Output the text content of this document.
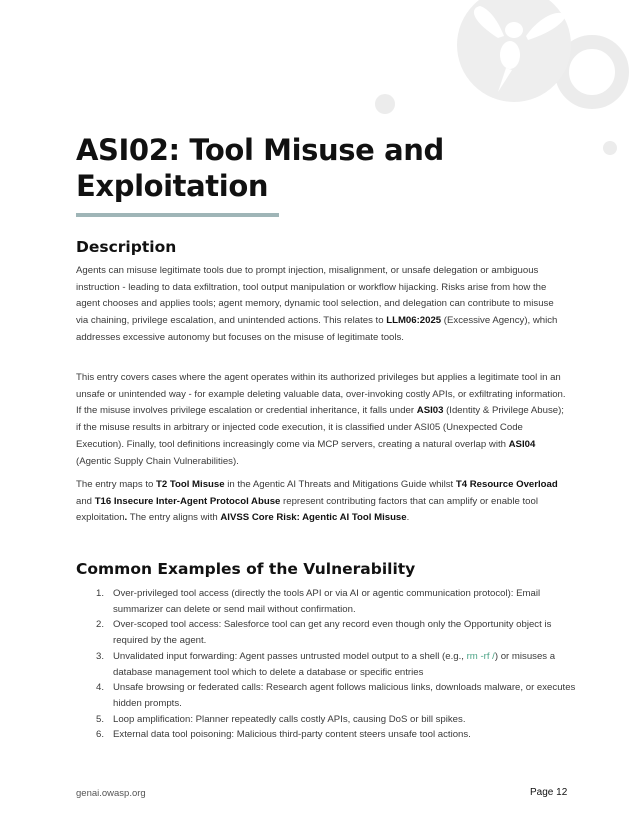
ASI02: Tool Misuse and Exploitation
Description

Agents can misuse legitimate tools due to prompt injection, misalignment, or unsafe delegation or ambiguous instruction - leading to data exfiltration, tool output manipulation or workflow hijacking. Risks arise from how the agent chooses and applies tools; agent memory, dynamic tool selection, and delegation can contribute to misuse via chaining, privilege escalation, and unintended actions. This relates to LLM06:2025 (Excessive Agency), which addresses excessive autonomy but focuses on the misuse of legitimate tools.

This entry covers cases where the agent operates within its authorized privileges but applies a legitimate tool in an unsafe or unintended way - for example deleting valuable data, over-invoking costly APIs, or exfiltrating information. If the misuse involves privilege escalation or credential inheritance, it falls under ASI03 (Identity & Privilege Abuse); if the misuse results in arbitrary or injected code execution, it is classified under ASI05 (Unexpected Code Execution). Finally, tool definitions increasingly come via MCP servers, creating a natural overlap with ASI04 (Agentic Supply Chain Vulnerabilities).

The entry maps to T2 Tool Misuse in the Agentic AI Threats and Mitigations Guide whilst T4 Resource Overload and T16 Insecure Inter-Agent Protocol Abuse represent contributing factors that can amplify or enable tool exploitation. The entry aligns with AIVSS Core Risk: Agentic AI Tool Misuse.

Common Examples of the Vulnerability
1. Over-privileged tool access (directly the tools API or via AI or agentic communication protocol): Email summarizer can delete or send mail without confirmation.
2. Over-scoped tool access: Salesforce tool can get any record even though only the Opportunity object is required by the agent.
3. Unvalidated input forwarding: Agent passes untrusted model output to a shell (e.g., rm -rf /) or misuses a database management tool which to delete a database or specific entries
4. Unsafe browsing or federated calls: Research agent follows malicious links, downloads malware, or executes hidden prompts.
5. Loop amplification: Planner repeatedly calls costly APIs, causing DoS or bill spikes.
6. External data tool poisoning: Malicious third-party content steers unsafe tool actions.
genai.owasp.org	Page 12
